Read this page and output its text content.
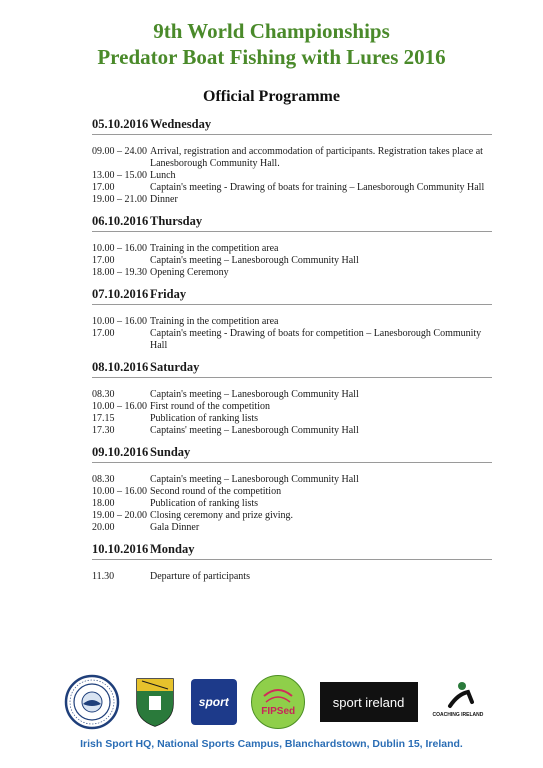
9th World Championships
Predator Boat Fishing with Lures 2016
Official Programme
05.10.2016 Wednesday
09.00 – 24.00 Arrival, registration and accommodation of participants. Registration takes place at Lanesborough Community Hall.
13.00 – 15.00 Lunch
17.00	Captain's meeting - Drawing of boats for training – Lanesborough Community Hall
19.00 – 21.00 Dinner
06.10.2016 Thursday
10.00 – 16.00 Training in the competition area
17.00	Captain's meeting – Lanesborough Community Hall
18.00 – 19.30 Opening Ceremony
07.10.2016 Friday
10.00 – 16.00 Training in the competition area
17.00	Captain's meeting - Drawing of boats for competition – Lanesborough Community Hall
08.10.2016 Saturday
08.30	Captain's meeting – Lanesborough Community Hall
10.00 – 16.00 First round of the competition
17.15	Publication of ranking lists
17.30	Captains' meeting – Lanesborough Community Hall
09.10.2016 Sunday
08.30	Captain's meeting – Lanesborough Community Hall
10.00 – 16.00 Second round of the competition
18.00	Publication of ranking lists
19.00 – 20.00 Closing ceremony and prize giving.
20.00	Gala Dinner
10.10.2016 Monday
11.30	Departure of participants
sport
FIPSed
sport ireland
COACHING IRELAND
Irish Sport HQ, National Sports Campus, Blanchardstown, Dublin 15, Ireland.
